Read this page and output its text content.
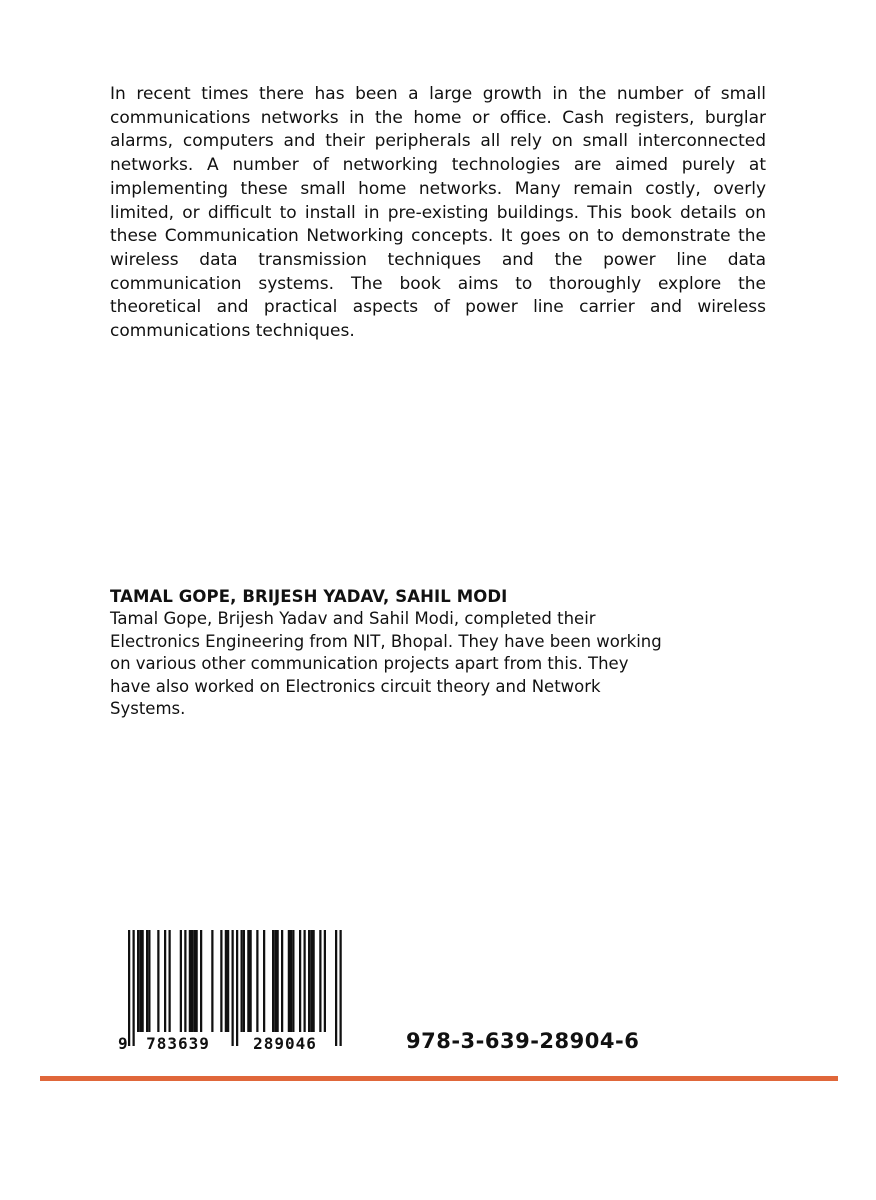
In recent times there has been a large growth in the number of small communications networks in the home or office. Cash registers, burglar alarms, computers and their peripherals all rely on small interconnected networks. A number of networking technologies are aimed purely at implementing these small home networks. Many remain costly, overly limited, or difficult to install in pre-existing buildings. This book details on these Communication Networking concepts. It goes on to demonstrate the wireless data transmission techniques and the power line data communication systems. The book aims to thoroughly explore the theoretical and practical aspects of power line carrier and wireless communications techniques.

TAMAL GOPE, BRIJESH YADAV, SAHIL MODI

Tamal Gope, Brijesh Yadav and Sahil Modi, completed their Electronics Engineering from NIT, Bhopal. They have been working on various other communication projects apart from this. They have also worked on Electronics circuit theory and Network Systems.

9 783639	289046	978-3-639-28904-6
